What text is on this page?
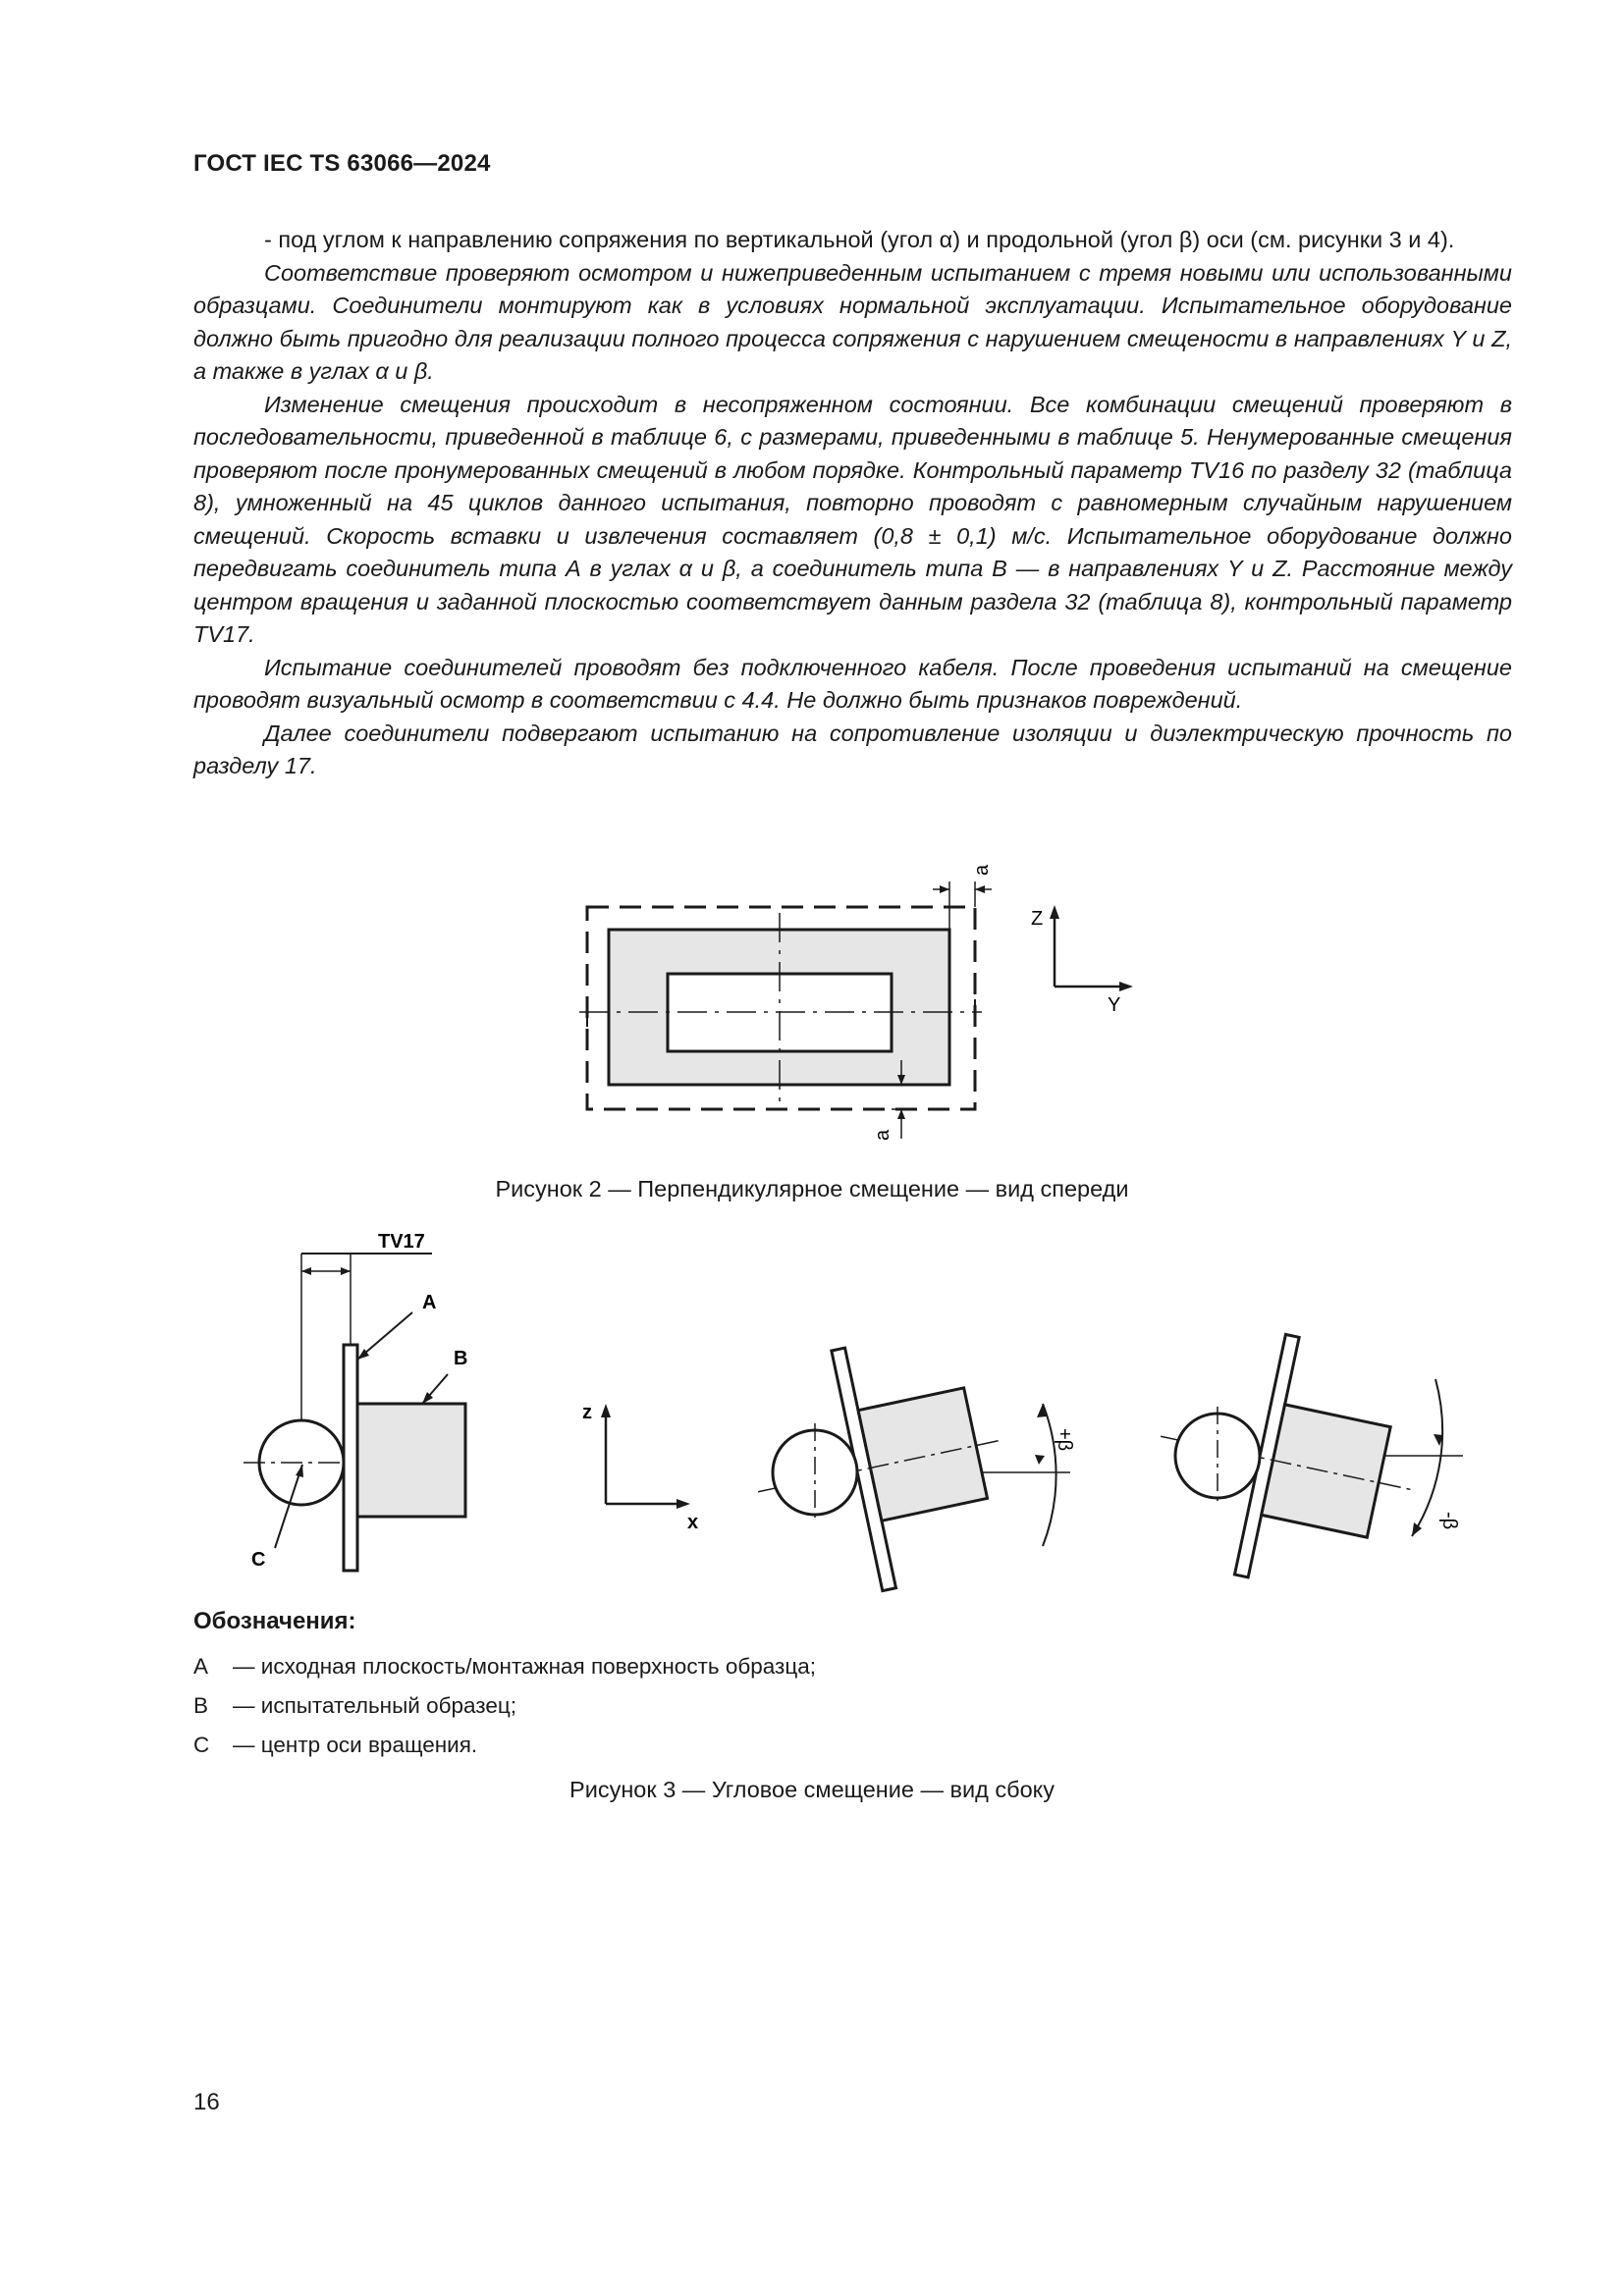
ГОСТ IEC TS 63066—2024

- под углом к направлению сопряжения по вертикальной (угол α) и продольной (угол β) оси (см. рисунки 3 и 4).

Соответствие проверяют осмотром и нижеприведенным испытанием с тремя новыми или использованными образцами. Соединители монтируют как в условиях нормальной эксплуатации. Испытательное оборудование должно быть пригодно для реализации полного процесса сопряжения с нарушением смещености в направлениях Y и Z, а также в углах α и β.

Изменение смещения происходит в несопряженном состоянии. Все комбинации смещений проверяют в последовательности, приведенной в таблице 6, с размерами, приведенными в таблице 5. Ненумерованные смещения проверяют после пронумерованных смещений в любом порядке. Контрольный параметр TV16 по разделу 32 (таблица 8), умноженный на 45 циклов данного испытания, повторно проводят с равномерным случайным нарушением смещений. Скорость вставки и извлечения составляет (0,8 ± 0,1) м/с. Испытательное оборудование должно передвигать соединитель типа А в углах α и β, а соединитель типа В — в направлениях Y и Z. Расстояние между центром вращения и заданной плоскостью соответствует данным раздела 32 (таблица 8), контрольный параметр TV17.

Испытание соединителей проводят без подключенного кабеля. После проведения испытаний на смещение проводят визуальный осмотр в соответствии с 4.4. Не должно быть признаков повреждений.

Далее соединители подвергают испытанию на сопротивление изоляции и диэлектрическую прочность по разделу 17.

a
a
Z
Y
Рисунок 2 — Перпендикулярное смещение — вид спереди
TV17
A
B
C
z
x
+β
-β
Обозначения:
A	— исходная плоскость/монтажная поверхность образца;
B	— испытательный образец;
C	— центр оси вращения.
Рисунок 3 — Угловое смещение — вид сбоку
16
